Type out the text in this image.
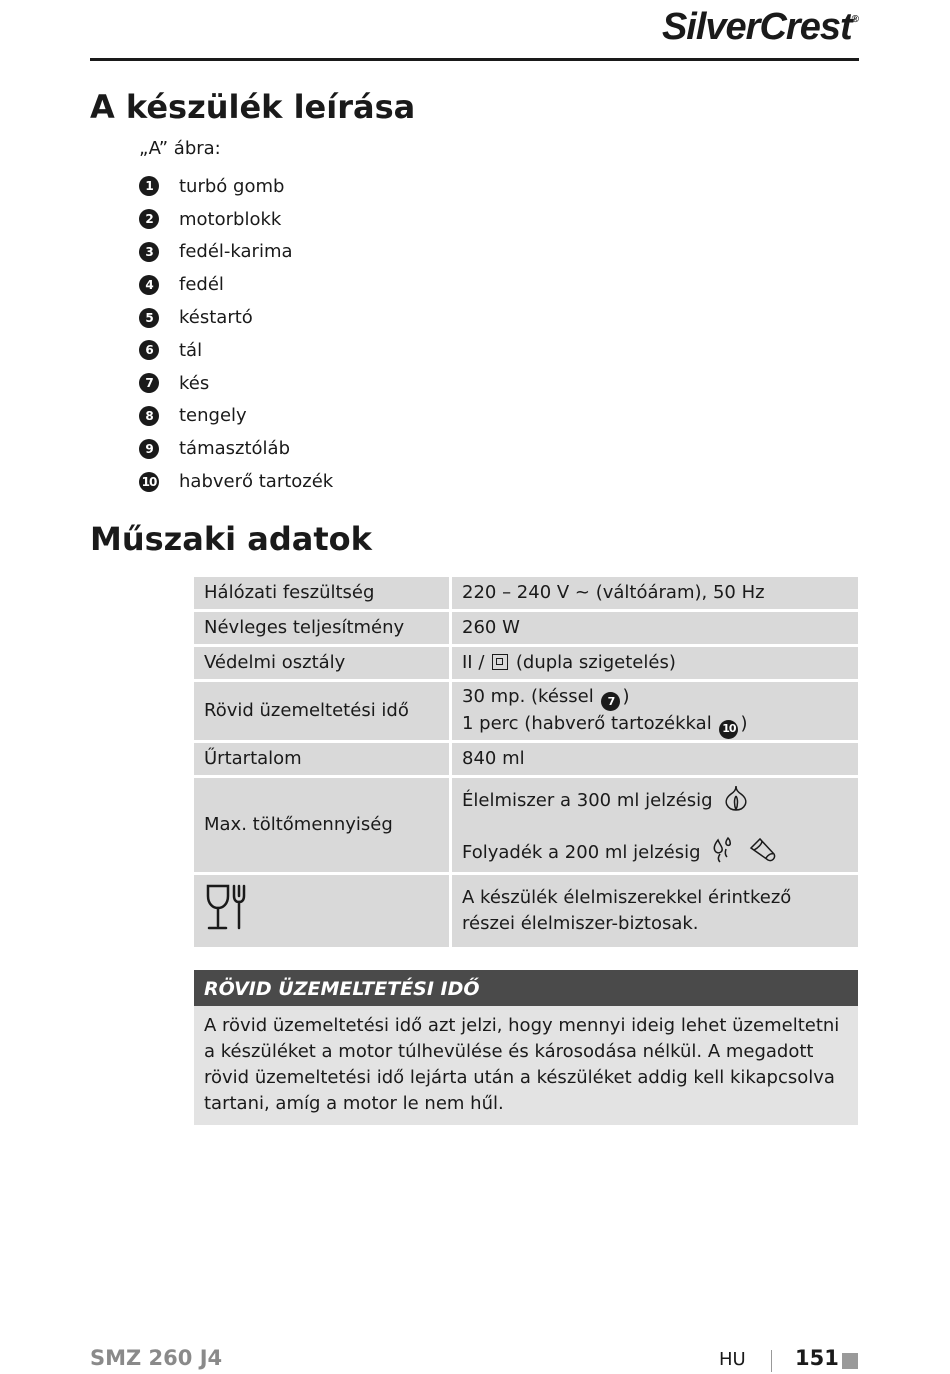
SilverCrest®
A készülék leírása
„A” ábra:
1	turbó gomb
2	motorblokk
3	fedél-karima
4	fedél
5	késtartó
6	tál
7	kés
8	tengely
9	támasztóláb
10 habverő tartozék
Műszaki adatok
Hálózati feszültség	220 – 240 V ~ (váltóáram), 50 Hz
Névleges teljesítmény	260 W
Védelmi osztály	II / (dupla szigetelés)
Rövid üzemeltetési idő	30 mp. (késsel 7 )
1 perc (habverő tartozékkal 10 )

Űrtartalom	840 ml
Max. töltőmennyiség	Élelmiszer a 300 ml jelzésig
Folyadék a 200 ml jelzésig

	A készülék élelmiszerekkel érintkező részei élelmiszer-biztosak.
RÖVID ÜZEMELTETÉSI IDŐ
A rövid üzemeltetési idő azt jelzi, hogy mennyi ideig lehet üzemeltetni a készüléket a motor túlhevülése és károsodása nélkül. A megadott rövid üzemeltetési idő lejárta után a készüléket addig kell kikapcsolva tartani, amíg a motor le nem hűl.
SMZ 260 J4	HU 151
